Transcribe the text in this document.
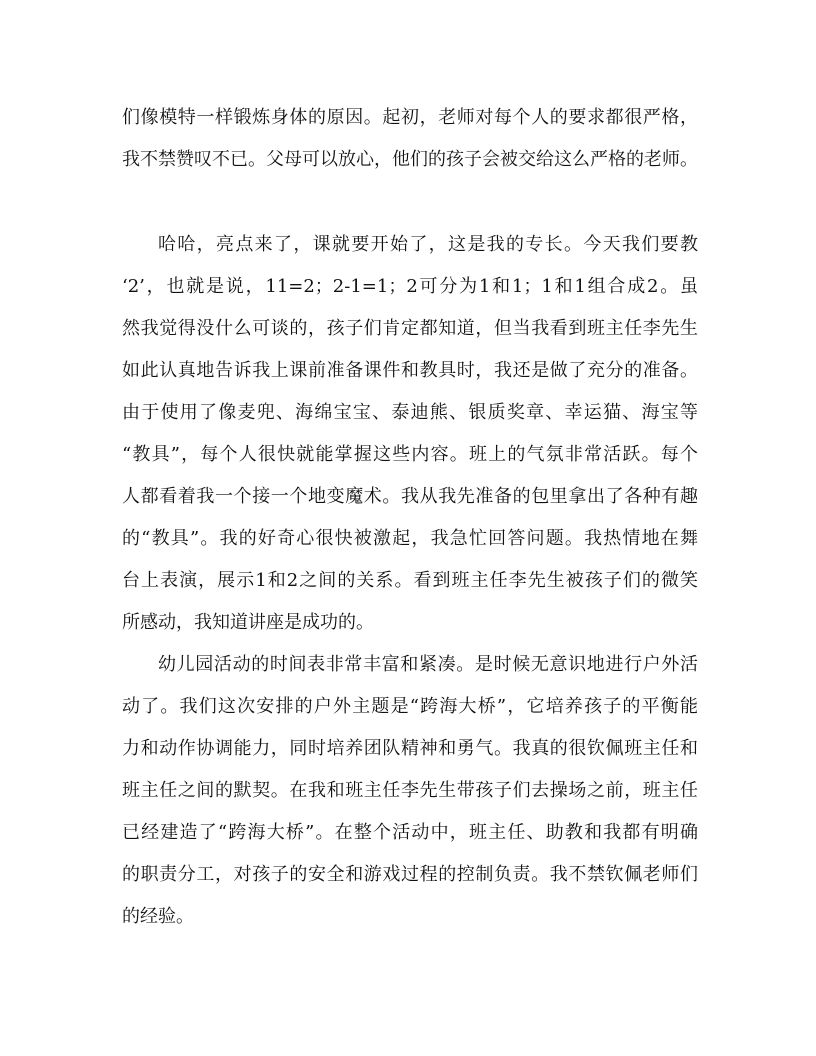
们像模特一样锻炼身体的原因。起初，老师对每个人的要求都很严格，
我不禁赞叹不已。父母可以放心，他们的孩子会被交给这么严格的老师。
哈哈，亮点来了，课就要开始了，这是我的专长。今天我们要教
‘2’，也就是说，11=2；2-1=1；2可分为1和1；1和1组合成2。虽
然我觉得没什么可谈的，孩子们肯定都知道，但当我看到班主任李先生
如此认真地告诉我上课前准备课件和教具时，我还是做了充分的准备。
由于使用了像麦兜、海绵宝宝、泰迪熊、银质奖章、幸运猫、海宝等
“教具”，每个人很快就能掌握这些内容。班上的气氛非常活跃。每个
人都看着我一个接一个地变魔术。我从我先准备的包里拿出了各种有趣
的“教具”。我的好奇心很快被激起，我急忙回答问题。我热情地在舞
台上表演，展示1和2之间的关系。看到班主任李先生被孩子们的微笑
所感动，我知道讲座是成功的。
幼儿园活动的时间表非常丰富和紧凑。是时候无意识地进行户外活
动了。我们这次安排的户外主题是“跨海大桥”，它培养孩子的平衡能
力和动作协调能力，同时培养团队精神和勇气。我真的很钦佩班主任和
班主任之间的默契。在我和班主任李先生带孩子们去操场之前，班主任
已经建造了“跨海大桥”。在整个活动中，班主任、助教和我都有明确
的职责分工，对孩子的安全和游戏过程的控制负责。我不禁钦佩老师们
的经验。
